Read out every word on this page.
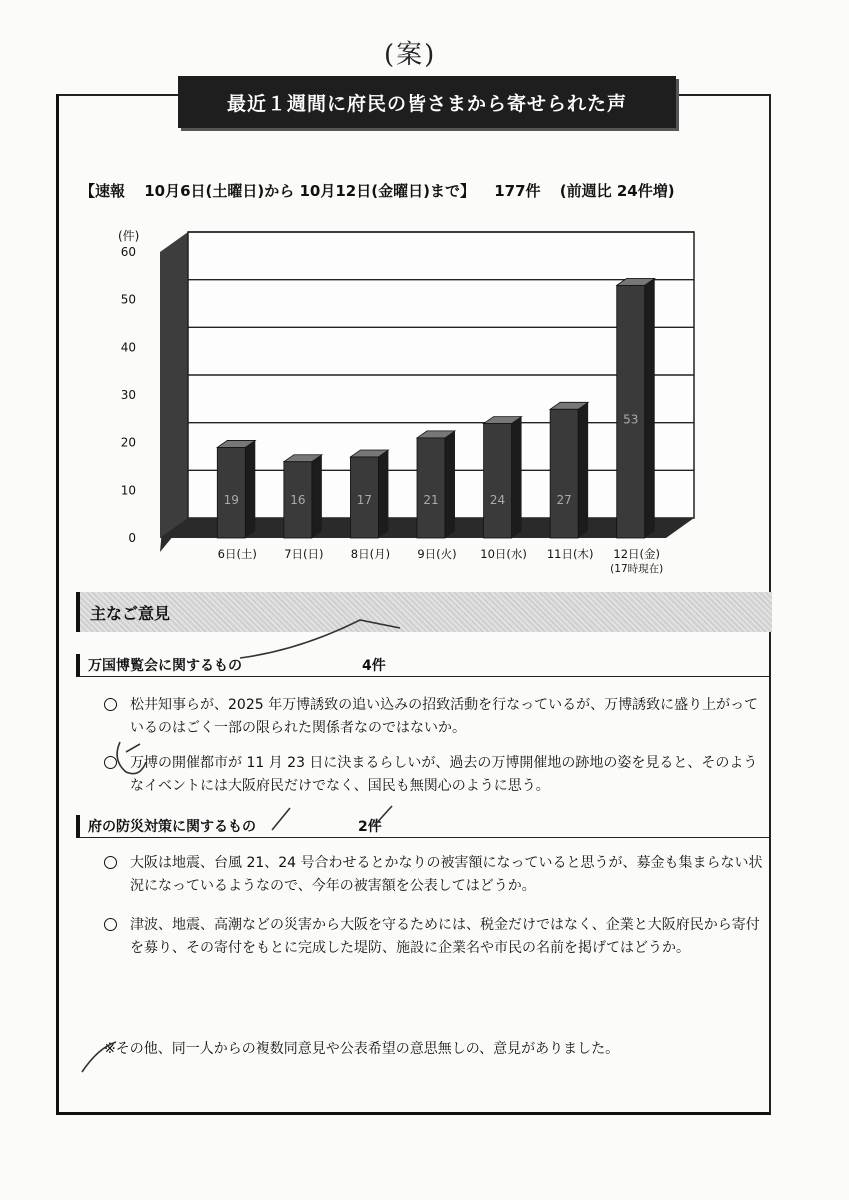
(案)
最近１週間に府民の皆さまから寄せられた声
【速報 10月6日(土曜日)から 10月12日(金曜日)まで】 177件 (前週比 24件増)
0
10
20
30
40
50
60
19	16	17	21	24	27
53
6日(土) 7日(日) 8日(月) 9日(火) 10日(水) 11日(木) 12日(金)
(17時現在)
(件)
主なご意見
万国博覧会に関するもの	4件
松井知事らが、2025 年万博誘致の追い込みの招致活動を行なっているが、万博誘致に盛り上がっているのはごく一部の限られた関係者なのではないか。
万博の開催都市が 11 月 23 日に決まるらしいが、過去の万博開催地の跡地の姿を見ると、そのようなイベントには大阪府民だけでなく、国民も無関心のように思う。
府の防災対策に関するもの	2件
大阪は地震、台風 21、24 号合わせるとかなりの被害額になっていると思うが、募金も集まらない状況になっているようなので、今年の被害額を公表してはどうか。
津波、地震、高潮などの災害から大阪を守るためには、税金だけではなく、企業と大阪府民から寄付を募り、その寄付をもとに完成した堤防、施設に企業名や市民の名前を掲げてはどうか。
※その他、同一人からの複数同意見や公表希望の意思無しの、意見がありました。
